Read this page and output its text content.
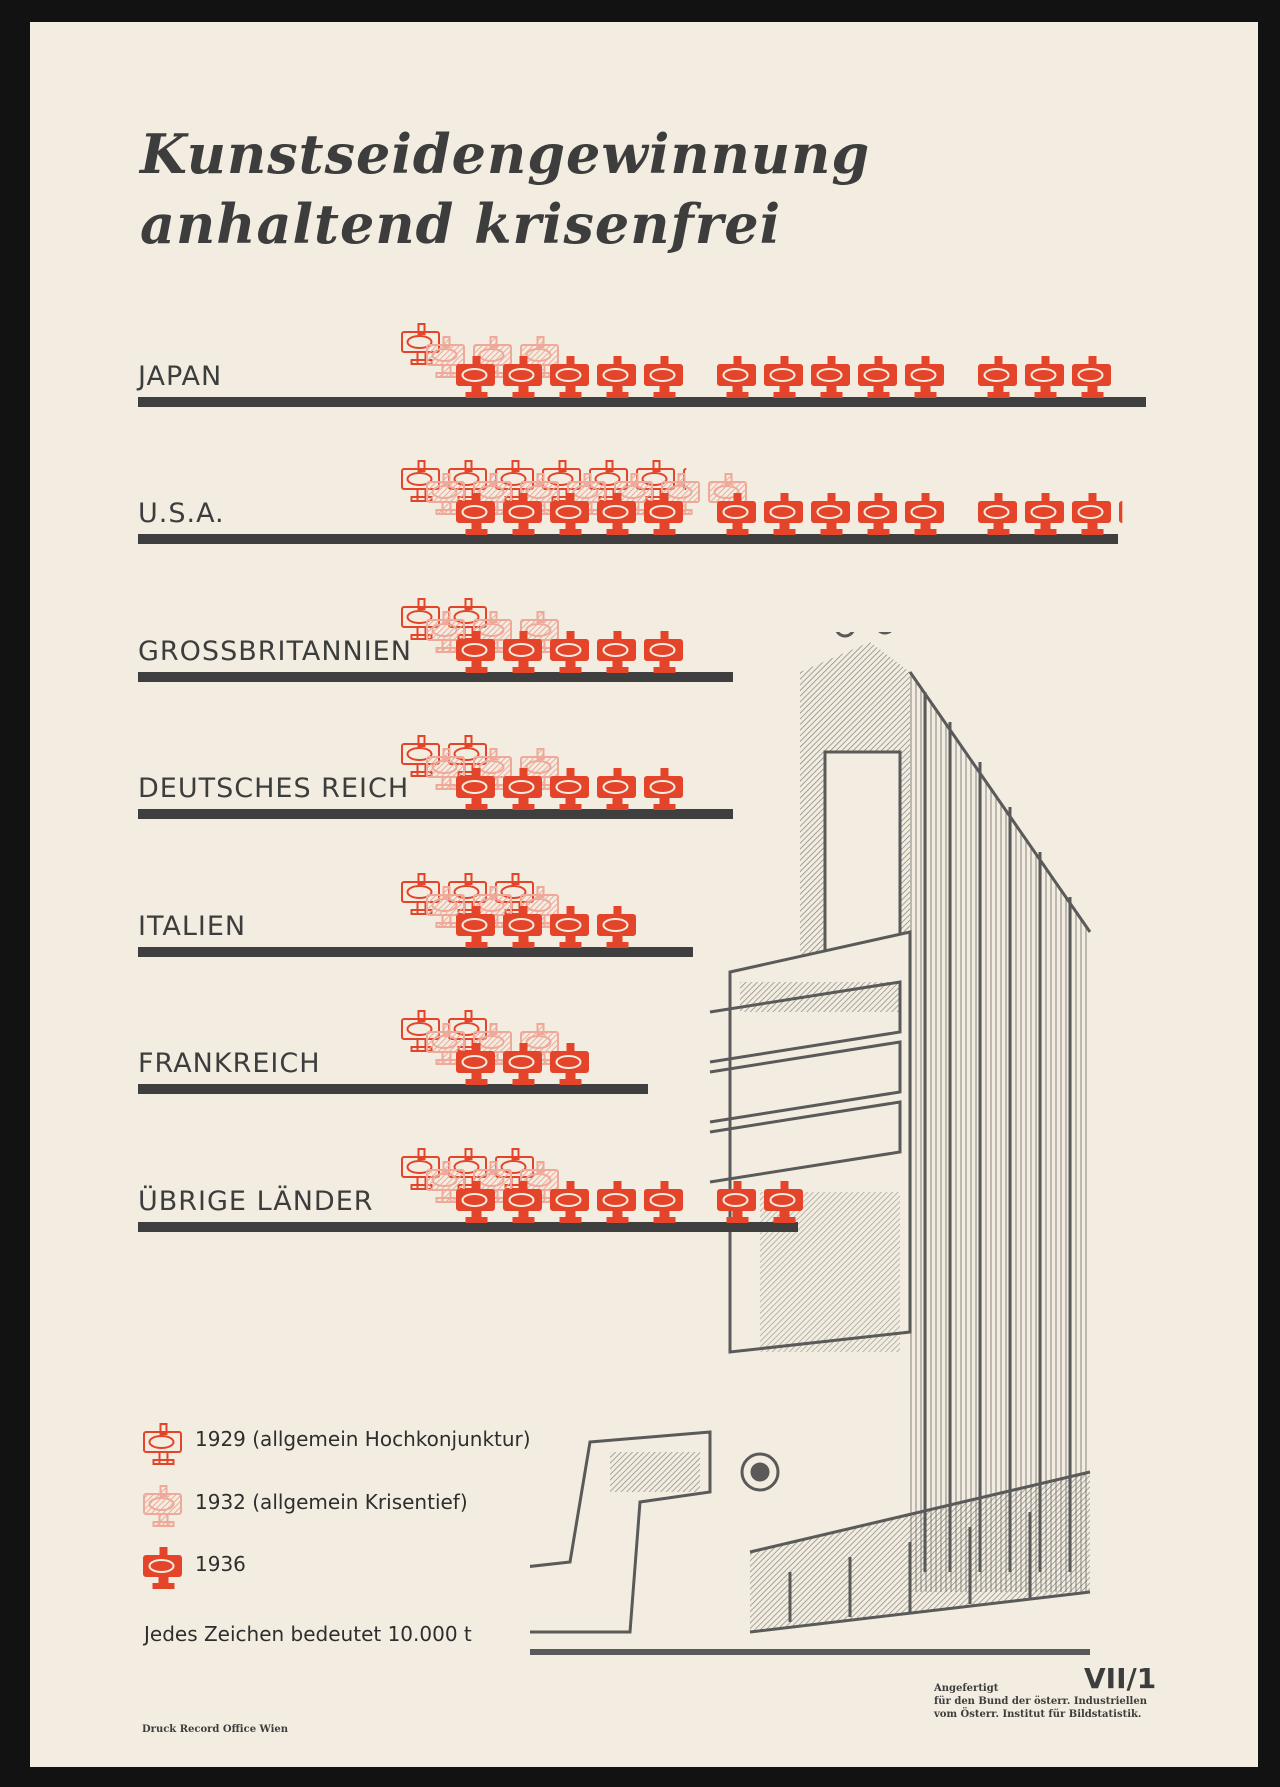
Kunstseidengewinnung
anhaltend krisenfrei
JAPAN
U.S.A.
GROSSBRITANNIEN
DEUTSCHES REICH
ITALIEN
FRANKREICH
ÜBRIGE LÄNDER
1929 (allgemein Hochkonjunktur)
1932 (allgemein Krisentief)
1936
Jedes Zeichen bedeutet 10.000 t
Druck Record Office Wien
Angefertigt
für den Bund der österr. Industriellen
vom Österr. Institut für Bildstatistik.
VII/1
